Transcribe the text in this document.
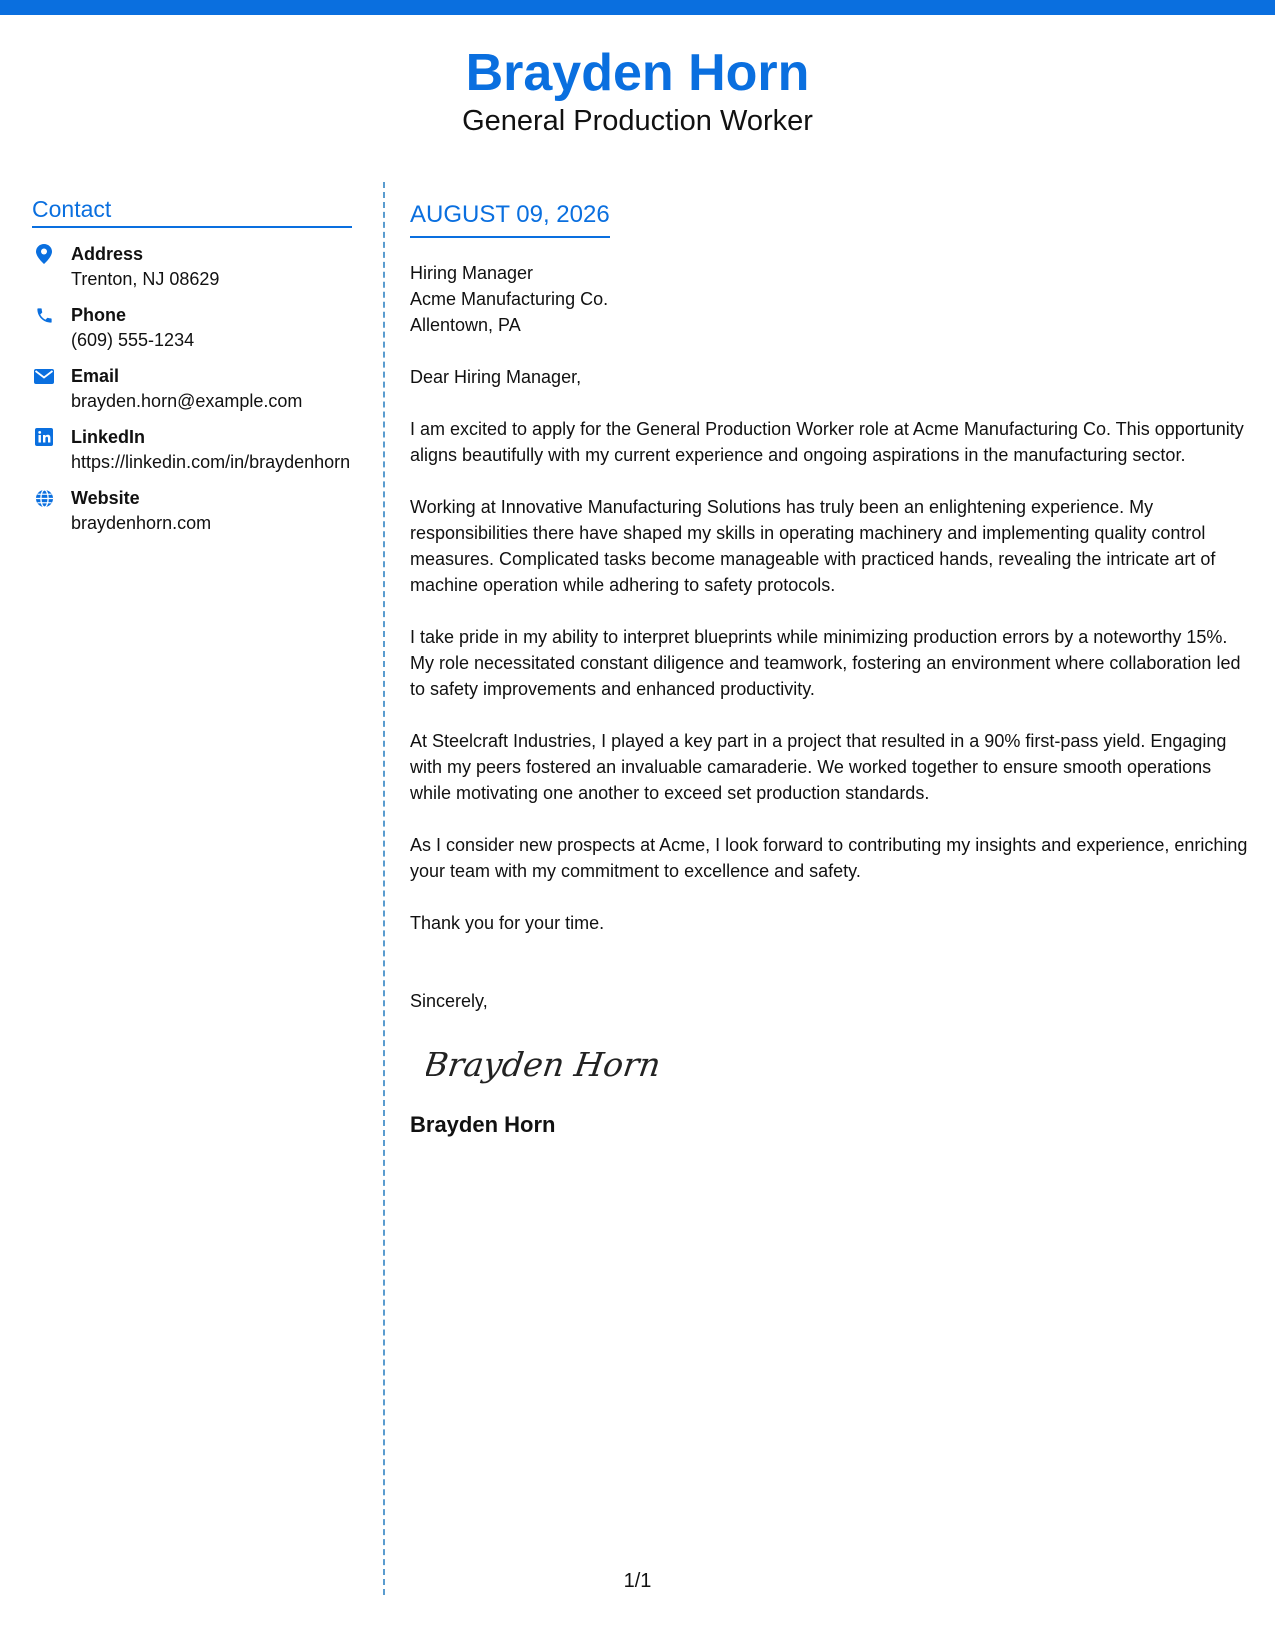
Brayden Horn
General Production Worker
Contact
Address
Trenton, NJ 08629
Phone
(609) 555-1234
Email
brayden.horn@example.com
LinkedIn
https://linkedin.com/in/braydenhorn
Website
braydenhorn.com
AUGUST 09, 2026
Hiring Manager
Acme Manufacturing Co.
Allentown, PA
Dear Hiring Manager,
I am excited to apply for the General Production Worker role at Acme Manufacturing Co. This opportunity aligns beautifully with my current experience and ongoing aspirations in the manufacturing sector.
Working at Innovative Manufacturing Solutions has truly been an enlightening experience. My responsibilities there have shaped my skills in operating machinery and implementing quality control measures. Complicated tasks become manageable with practiced hands, revealing the intricate art of machine operation while adhering to safety protocols.
I take pride in my ability to interpret blueprints while minimizing production errors by a noteworthy 15%. My role necessitated constant diligence and teamwork, fostering an environment where collaboration led to safety improvements and enhanced productivity.
At Steelcraft Industries, I played a key part in a project that resulted in a 90% first-pass yield. Engaging with my peers fostered an invaluable camaraderie. We worked together to ensure smooth operations while motivating one another to exceed set production standards.
As I consider new prospects at Acme, I look forward to contributing my insights and experience, enriching your team with my commitment to excellence and safety.
Thank you for your time.
Sincerely,
Brayden Horn
Brayden Horn
1/1
